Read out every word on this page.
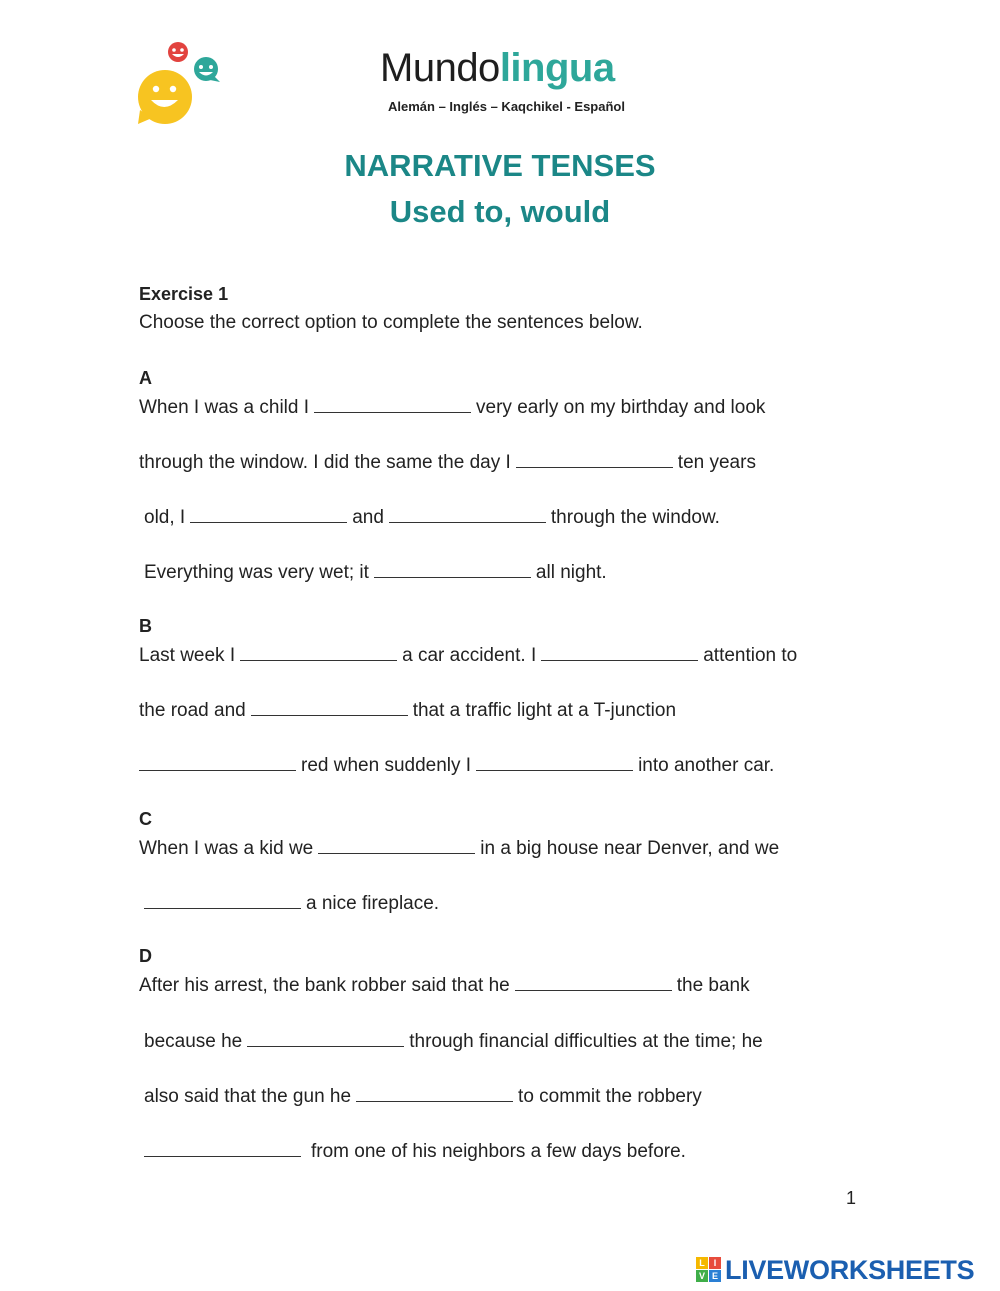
Mundolingua
Alemán – Inglés – Kaqchikel - Español
NARRATIVE TENSES
Used to, would
Exercise 1
Choose the correct option to complete the sentences below.
A
When I was a child I	very early on my birthday and look
through the window. I did the same the day I	ten years
old, I	and	through the window.
Everything was very wet; it	all night.
B
Last week I	a car accident. I	attention to
the road and	that a traffic light at a T-junction
red when suddenly I	into another car.
C
When I was a kid we	in a big house near Denver, and we
a nice fireplace.
D
After his arrest, the bank robber said that he	the bank
because he	through financial difficulties at the time; he
also said that the gun he	to commit the robbery
from one of his neighbors a few days before.
1
L I
V E LIVEWORKSHEETS
